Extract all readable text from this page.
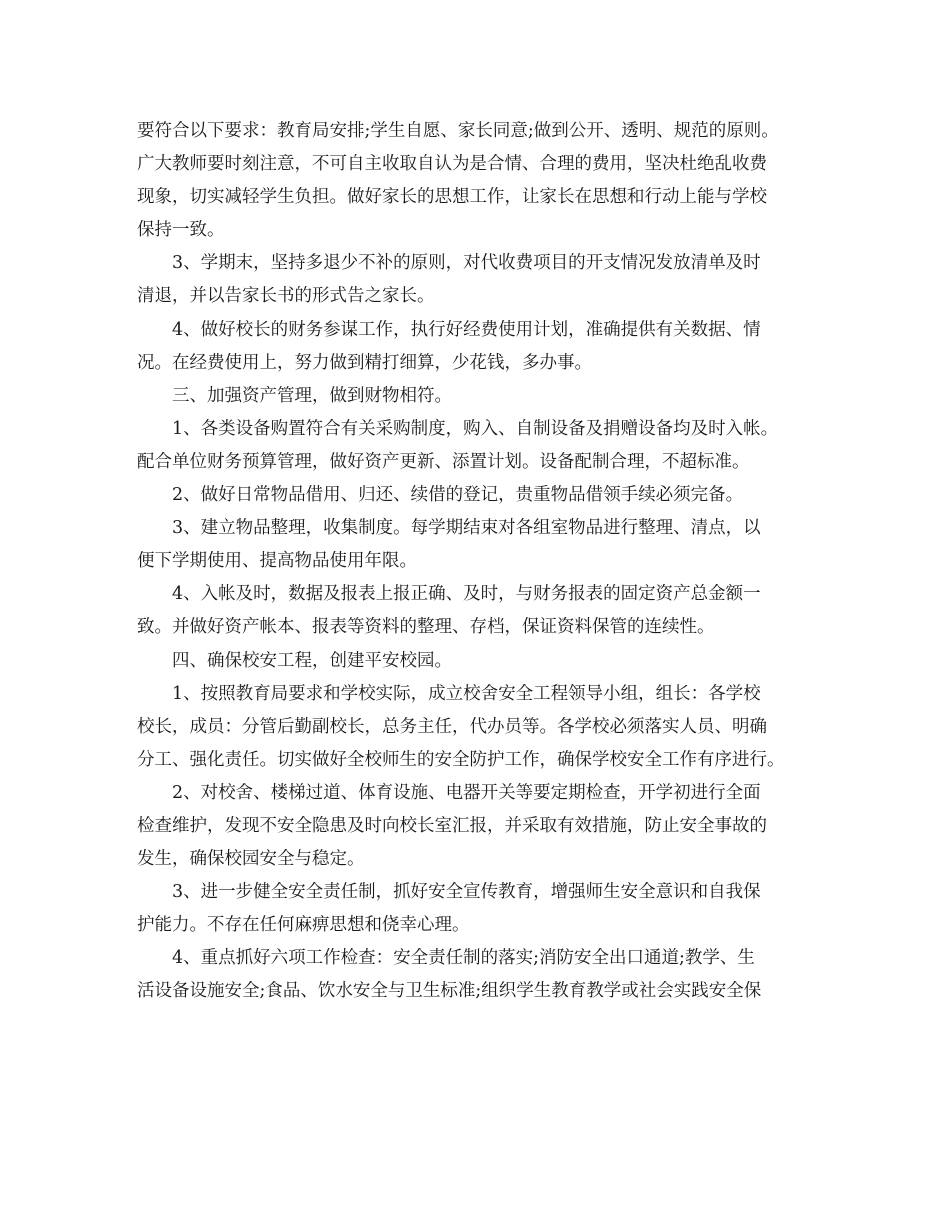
要符合以下要求：教育局安排;学生自愿、家长同意;做到公开、透明、规范的原则。
广大教师要时刻注意，不可自主收取自认为是合情、合理的费用，坚决杜绝乱收费
现象，切实减轻学生负担。做好家长的思想工作，让家长在思想和行动上能与学校
保持一致。
3、学期末，坚持多退少不补的原则，对代收费项目的开支情况发放清单及时
清退，并以告家长书的形式告之家长。
4、做好校长的财务参谋工作，执行好经费使用计划，准确提供有关数据、情
况。在经费使用上，努力做到精打细算，少花钱，多办事。
三、加强资产管理，做到财物相符。
1、各类设备购置符合有关采购制度，购入、自制设备及捐赠设备均及时入帐。
配合单位财务预算管理，做好资产更新、添置计划。设备配制合理，不超标准。
2、做好日常物品借用、归还、续借的登记，贵重物品借领手续必须完备。
3、建立物品整理，收集制度。每学期结束对各组室物品进行整理、清点，以
便下学期使用、提高物品使用年限。
4、入帐及时，数据及报表上报正确、及时，与财务报表的固定资产总金额一
致。并做好资产帐本、报表等资料的整理、存档，保证资料保管的连续性。
四、确保校安工程，创建平安校园。
1、按照教育局要求和学校实际，成立校舍安全工程领导小组，组长：各学校
校长，成员：分管后勤副校长，总务主任，代办员等。各学校必须落实人员、明确
分工、强化责任。切实做好全校师生的安全防护工作，确保学校安全工作有序进行。
2、对校舍、楼梯过道、体育设施、电器开关等要定期检查，开学初进行全面
检查维护，发现不安全隐患及时向校长室汇报，并采取有效措施，防止安全事故的
发生，确保校园安全与稳定。
3、进一步健全安全责任制，抓好安全宣传教育，增强师生安全意识和自我保
护能力。不存在任何麻痹思想和侥幸心理。
4、重点抓好六项工作检查：安全责任制的落实;消防安全出口通道;教学、生
活设备设施安全;食品、饮水安全与卫生标准;组织学生教育教学或社会实践安全保
